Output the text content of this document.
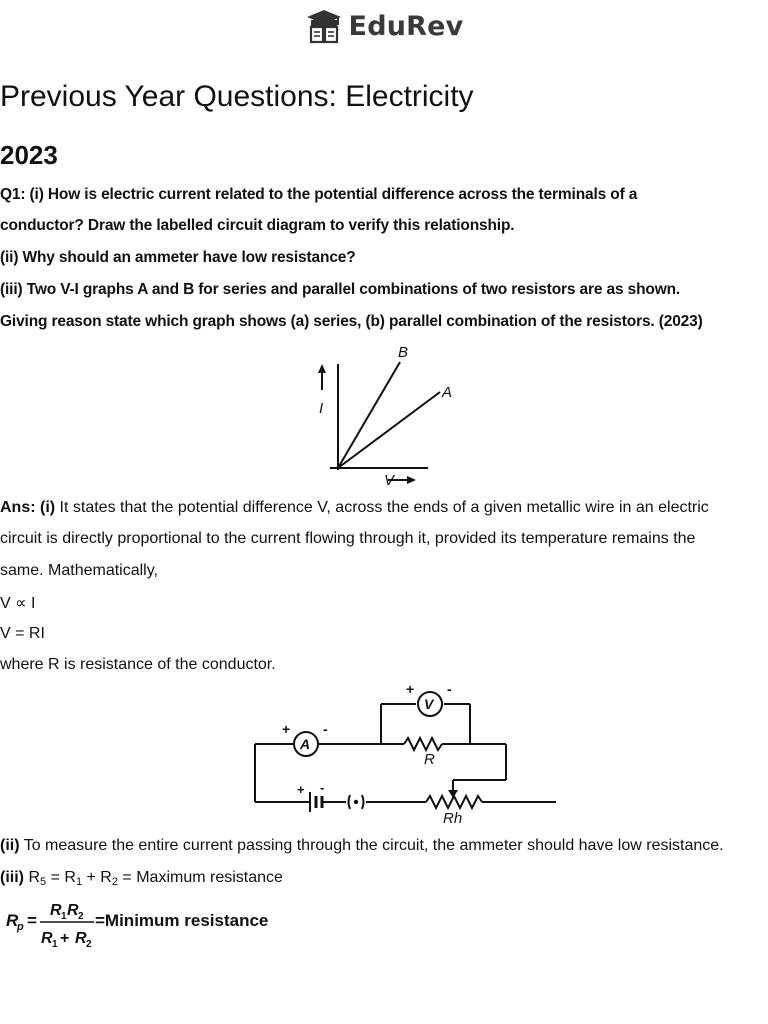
EduRev
Previous Year Questions: Electricity
2023
Q1: (i) How is electric current related to the potential difference across the terminals of a
conductor? Draw the labelled circuit diagram to verify this relationship.
(ii) Why should an ammeter have low resistance?
(iii) Two V-I graphs A and B for series and parallel combinations of two resistors are as shown.
Giving reason state which graph shows (a) series, (b) parallel combination of the resistors. (2023)
I
V
B
A
Ans: (i) It states that the potential difference V, across the ends of a given metallic wire in an electric
circuit is directly proportional to the current flowing through it, provided its temperature remains the
same. Mathematically,
V ∝ I
V = RI
where R is resistance of the conductor.
A
V
+ -
+ -
+ -
R
Rh
(ii) To measure the entire current passing through the circuit, the ammeter should have low resistance.
(iii) $R_5 = R_1 + R_2$ = Maximum resistance
R
p =
R 1 R 2
R 1 + R 2
=Minimum resistance
